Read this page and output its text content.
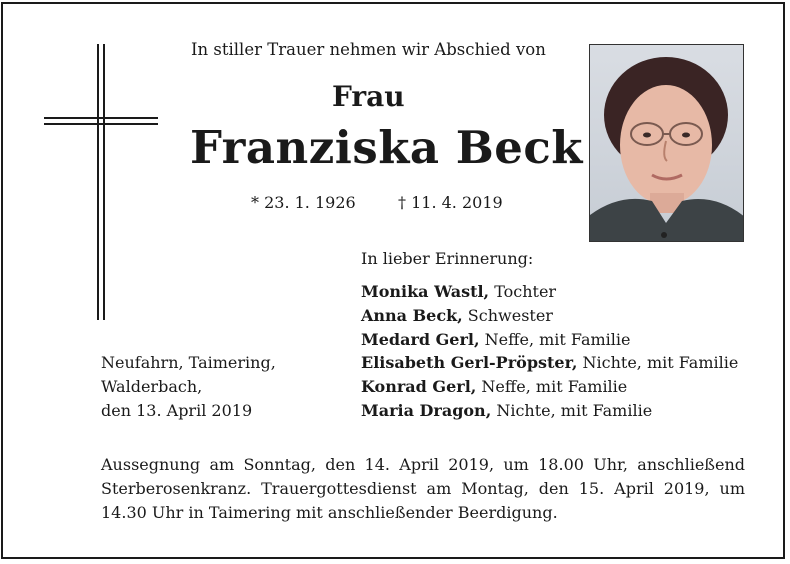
In stiller Trauer nehmen wir Abschied von
Frau
Franziska Beck
* 23. 1. 1926	† 11. 4. 2019
In lieber Erinnerung:
Monika Wastl, Tochter
Anna Beck, Schwester
Medard Gerl, Neffe, mit Familie
Elisabeth Gerl-Pröpster, Nichte, mit Familie
Konrad Gerl, Neffe, mit Familie
Maria Dragon, Nichte, mit Familie
Neufahrn, Taimering,
Walderbach,
den 13. April 2019
Aussegnung am Sonntag, den 14. April 2019, um 18.00 Uhr, anschließend Sterberosenkranz. Trauergottesdienst am Montag, den 15. April 2019, um 14.30 Uhr in Taimering mit anschließender Beerdigung.
